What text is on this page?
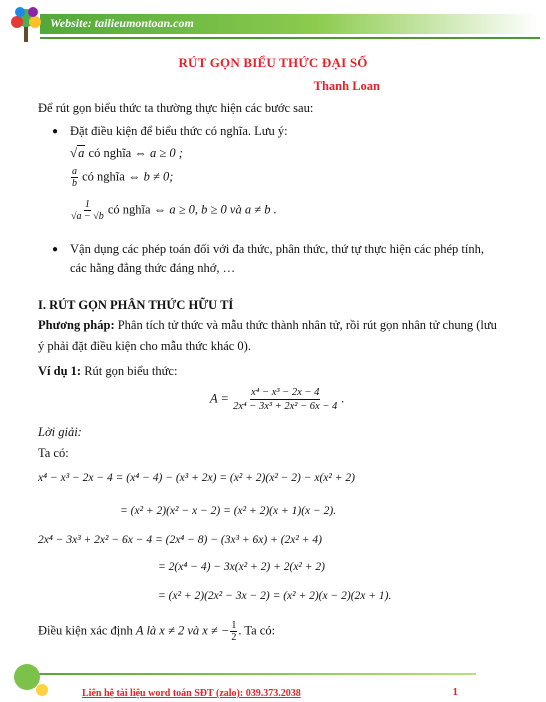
Website: tailieumontoan.com
RÚT GỌN BIỂU THỨC ĐẠI SỐ
Thanh Loan
Để rút gọn biểu thức ta thường thực hiện các bước sau:
● Đặt điều kiện để biểu thức có nghĩa. Lưu ý:
√a có nghĩa ⇔ a ≥ 0 ;
$\frac{a}{b}$ có nghĩa ⇔ b ≠ 0;
$\frac{1}{√a - √b}$ có nghĩa ⇔ a ≥ 0, b ≥ 0 và a ≠ b .
● Vận dụng các phép toán đối với đa thức, phân thức, thứ tự thực hiện các phép tính,
các hằng đẳng thức đáng nhớ, …
I. RÚT GỌN PHÂN THỨC HỮU TỈ
Phương pháp: Phân tích tử thức và mẫu thức thành nhân tử, rồi rút gọn nhân tử chung (lưu
ý phải đặt điều kiện cho mẫu thức khác 0).
Ví dụ 1: Rút gọn biểu thức:
$A = \frac{\text{x⁴ − x³ − 2x − 4}}{\text{2x⁴ − 3x³ + 2x² − 6x − 4}}$ .
Lời giải:
Ta có:
x⁴ − x³ − 2x − 4 = (x⁴ − 4) − (x³ + 2x) = (x² + 2)(x² − 2) − x(x² + 2)
= (x² + 2)(x² − x − 2) = (x² + 2)(x + 1)(x − 2).
2x⁴ − 3x³ + 2x² − 6x − 4 = (2x⁴ − 8) − (3x³ + 6x) + (2x² + 4)
= 2(x⁴ − 4) − 3x(x² + 2) + 2(x² + 2)
= (x² + 2)(2x² − 3x − 2) = (x² + 2)(x − 2)(2x + 1).
Điều kiện xác định A là x ≠ 2 và x ≠ − $\frac{1}{2}$ . Ta có:
Liên hệ tài liệu word toán SĐT (zalo): 039.373.2038	1
